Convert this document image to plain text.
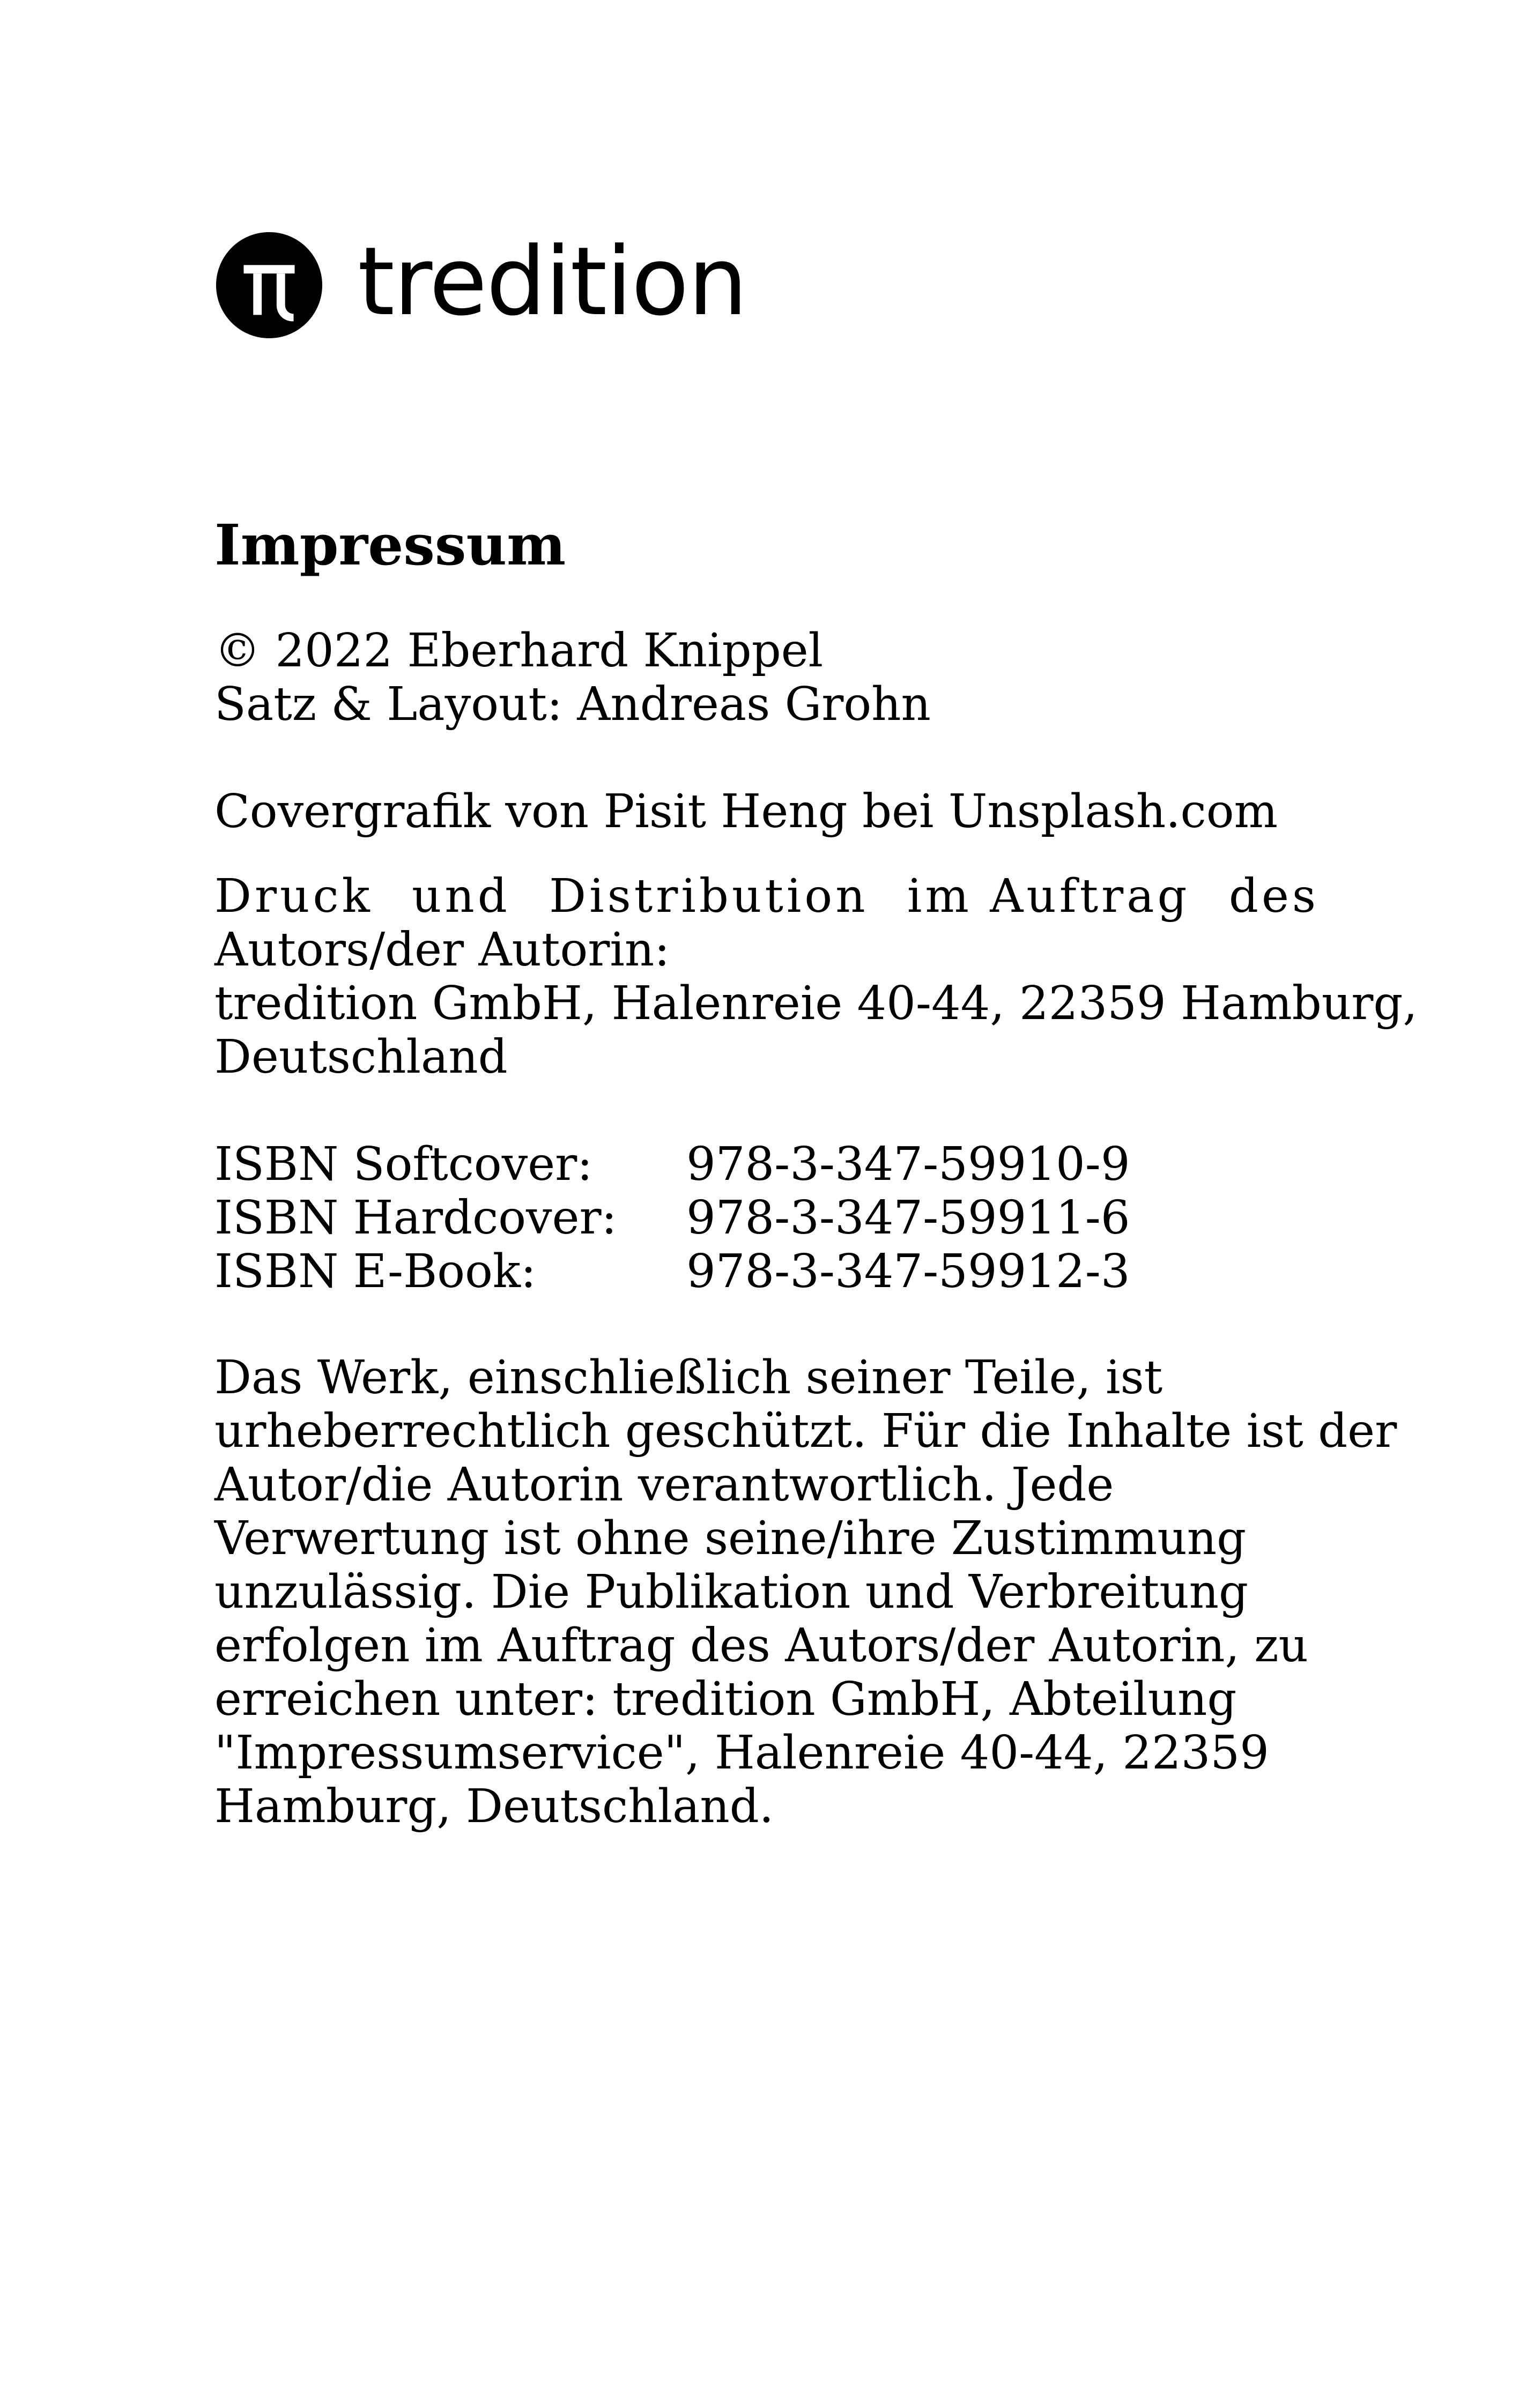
tredition
Impressum
© 2022 Eberhard Knippel
Satz & Layout: Andreas Grohn
Covergrafik von Pisit Heng bei Unsplash.com
Druck und Distribution im Auftrag des
Autors/der Autorin:
tredition GmbH, Halenreie 40-44, 22359 Hamburg,
Deutschland
ISBN Softcover:	978-3-347-59910-9
ISBN Hardcover:	978-3-347-59911-6
ISBN E-Book:	978-3-347-59912-3
Das Werk, einschließlich seiner Teile, ist
urheberrechtlich geschützt. Für die Inhalte ist der
Autor/die Autorin verantwortlich. Jede
Verwertung ist ohne seine/ihre Zustimmung
unzulässig. Die Publikation und Verbreitung
erfolgen im Auftrag des Autors/der Autorin, zu
erreichen unter: tredition GmbH, Abteilung
"Impressumservice", Halenreie 40-44, 22359
Hamburg, Deutschland.
